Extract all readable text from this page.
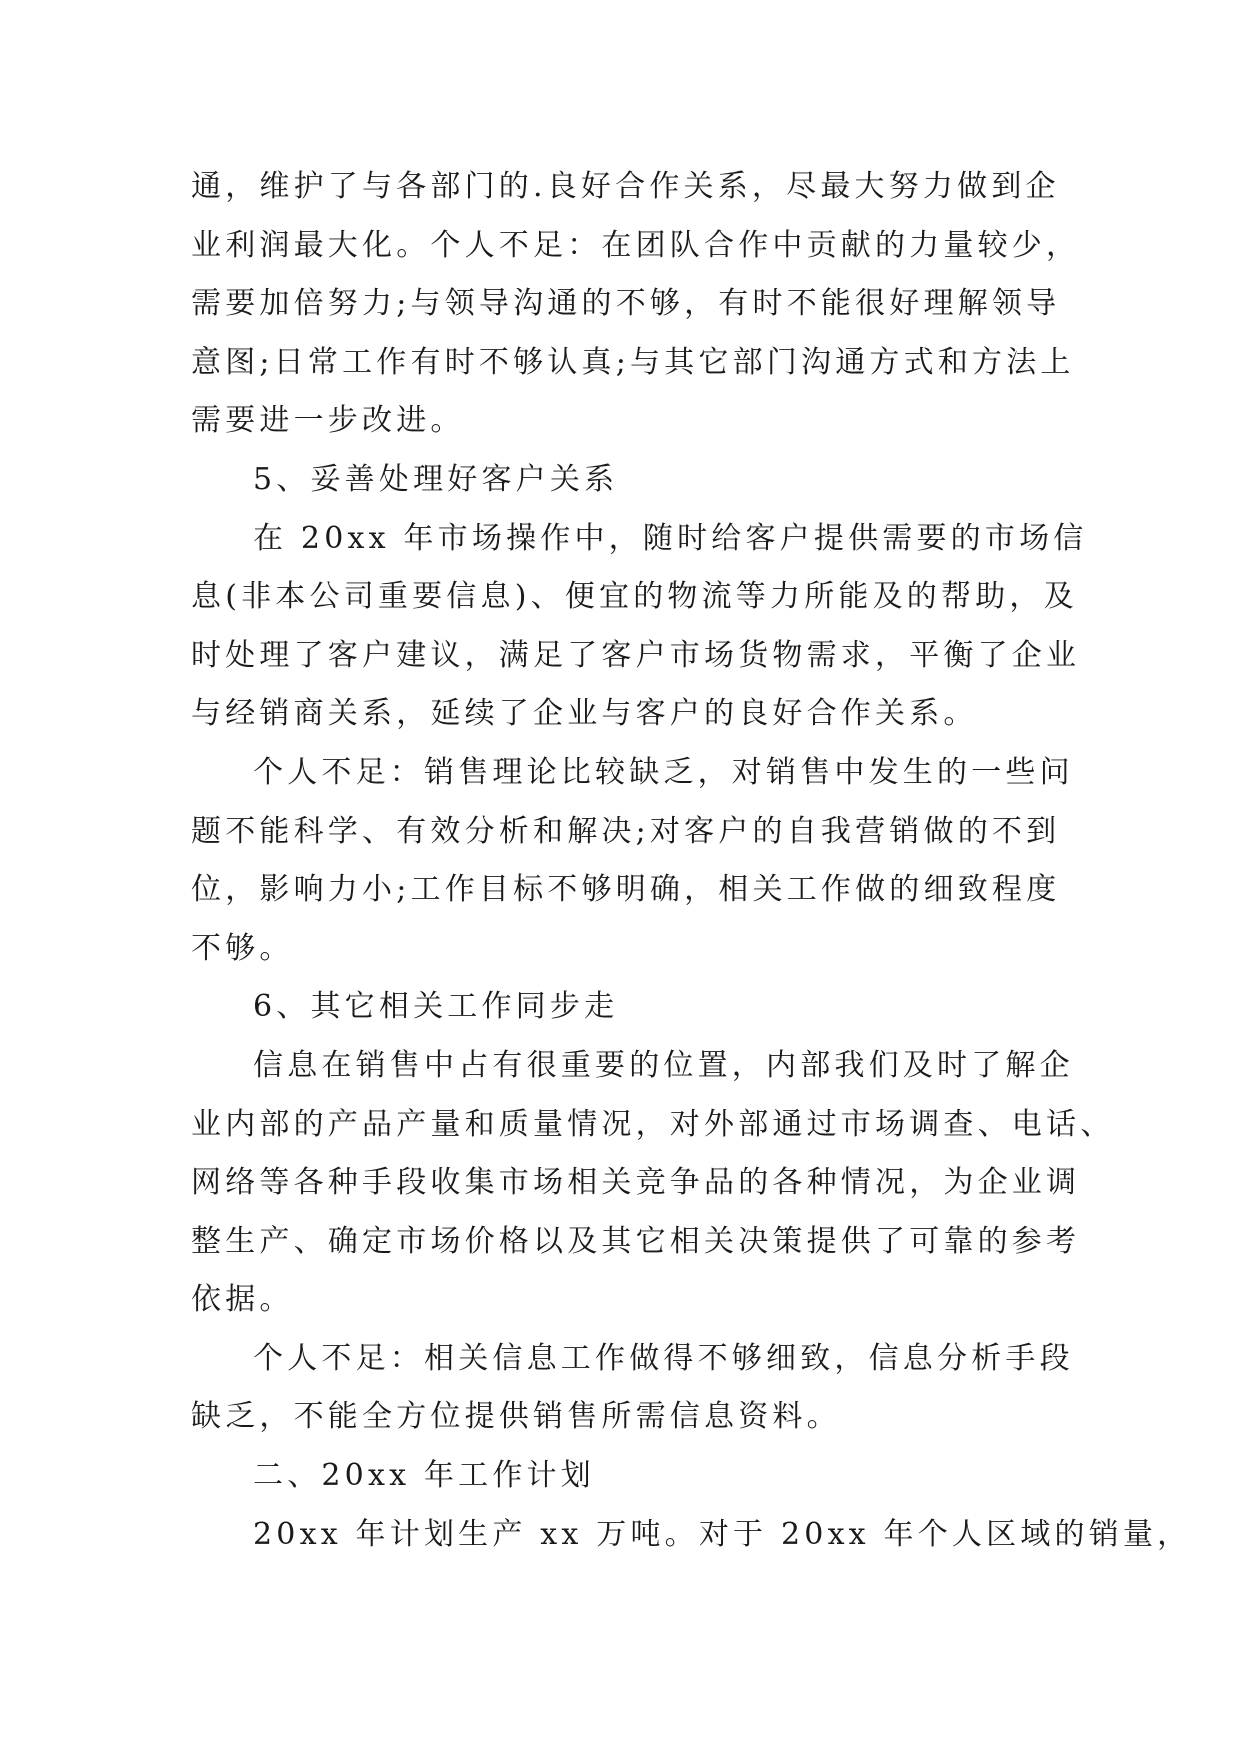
通，维护了与各部门的.良好合作关系，尽最大努力做到企
业利润最大化。个人不足：在团队合作中贡献的力量较少，
需要加倍努力;与领导沟通的不够，有时不能很好理解领导
意图;日常工作有时不够认真;与其它部门沟通方式和方法上
需要进一步改进。
5、妥善处理好客户关系
在 20xx 年市场操作中，随时给客户提供需要的市场信
息(非本公司重要信息)、便宜的物流等力所能及的帮助，及
时处理了客户建议，满足了客户市场货物需求，平衡了企业
与经销商关系，延续了企业与客户的良好合作关系。
个人不足：销售理论比较缺乏，对销售中发生的一些问
题不能科学、有效分析和解决;对客户的自我营销做的不到
位，影响力小;工作目标不够明确，相关工作做的细致程度
不够。
6、其它相关工作同步走
信息在销售中占有很重要的位置，内部我们及时了解企
业内部的产品产量和质量情况，对外部通过市场调查、电话、
网络等各种手段收集市场相关竞争品的各种情况，为企业调
整生产、确定市场价格以及其它相关决策提供了可靠的参考
依据。
个人不足：相关信息工作做得不够细致，信息分析手段
缺乏，不能全方位提供销售所需信息资料。
二、20xx 年工作计划
20xx 年计划生产 xx 万吨。对于 20xx 年个人区域的销量，
